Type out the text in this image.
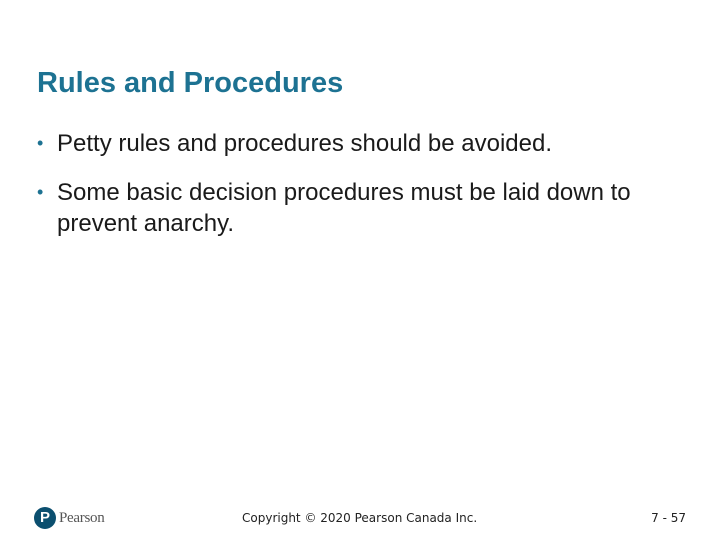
Rules and Procedures
• Petty rules and procedures should be avoided.
• Some basic decision procedures must be laid down to prevent anarchy.
P Pearson	Copyright © 2020 Pearson Canada Inc.	7 - 57
